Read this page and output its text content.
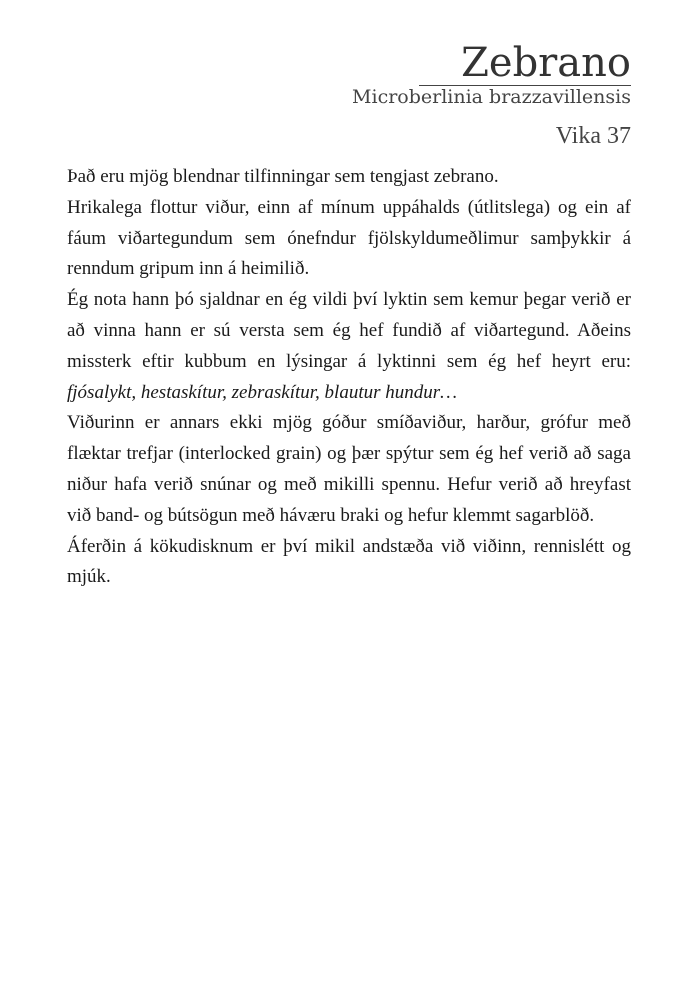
Zebrano
Microberlinia brazzavillensis
Vika 37

Það eru mjög blendnar tilfinningar sem tengjast zebrano.

Hrikalega flottur viður, einn af mínum uppáhalds (útlitslega) og ein af fáum viðartegundum sem ónefndur fjölskyldumeðlimur samþykkir á renndum gripum inn á heimilið.

Ég nota hann þó sjaldnar en ég vildi því lyktin sem kemur þegar verið er að vinna hann er sú versta sem ég hef fundið af viðartegund. Aðeins missterk eftir kubbum en lýsingar á lyktinni sem ég hef heyrt eru: fjósalykt, hestaskítur, zebraskítur, blautur hundur…

Viðurinn er annars ekki mjög góður smíðaviður, harður, grófur með flæktar trefjar (interlocked grain) og þær spýtur sem ég hef verið að saga niður hafa verið snúnar og með mikilli spennu. Hefur verið að hreyfast við band- og bútsögun með háværu braki og hefur klemmt sagarblöð.

Áferðin á kökudisknum er því mikil andstæða við viðinn, rennislétt og mjúk.
